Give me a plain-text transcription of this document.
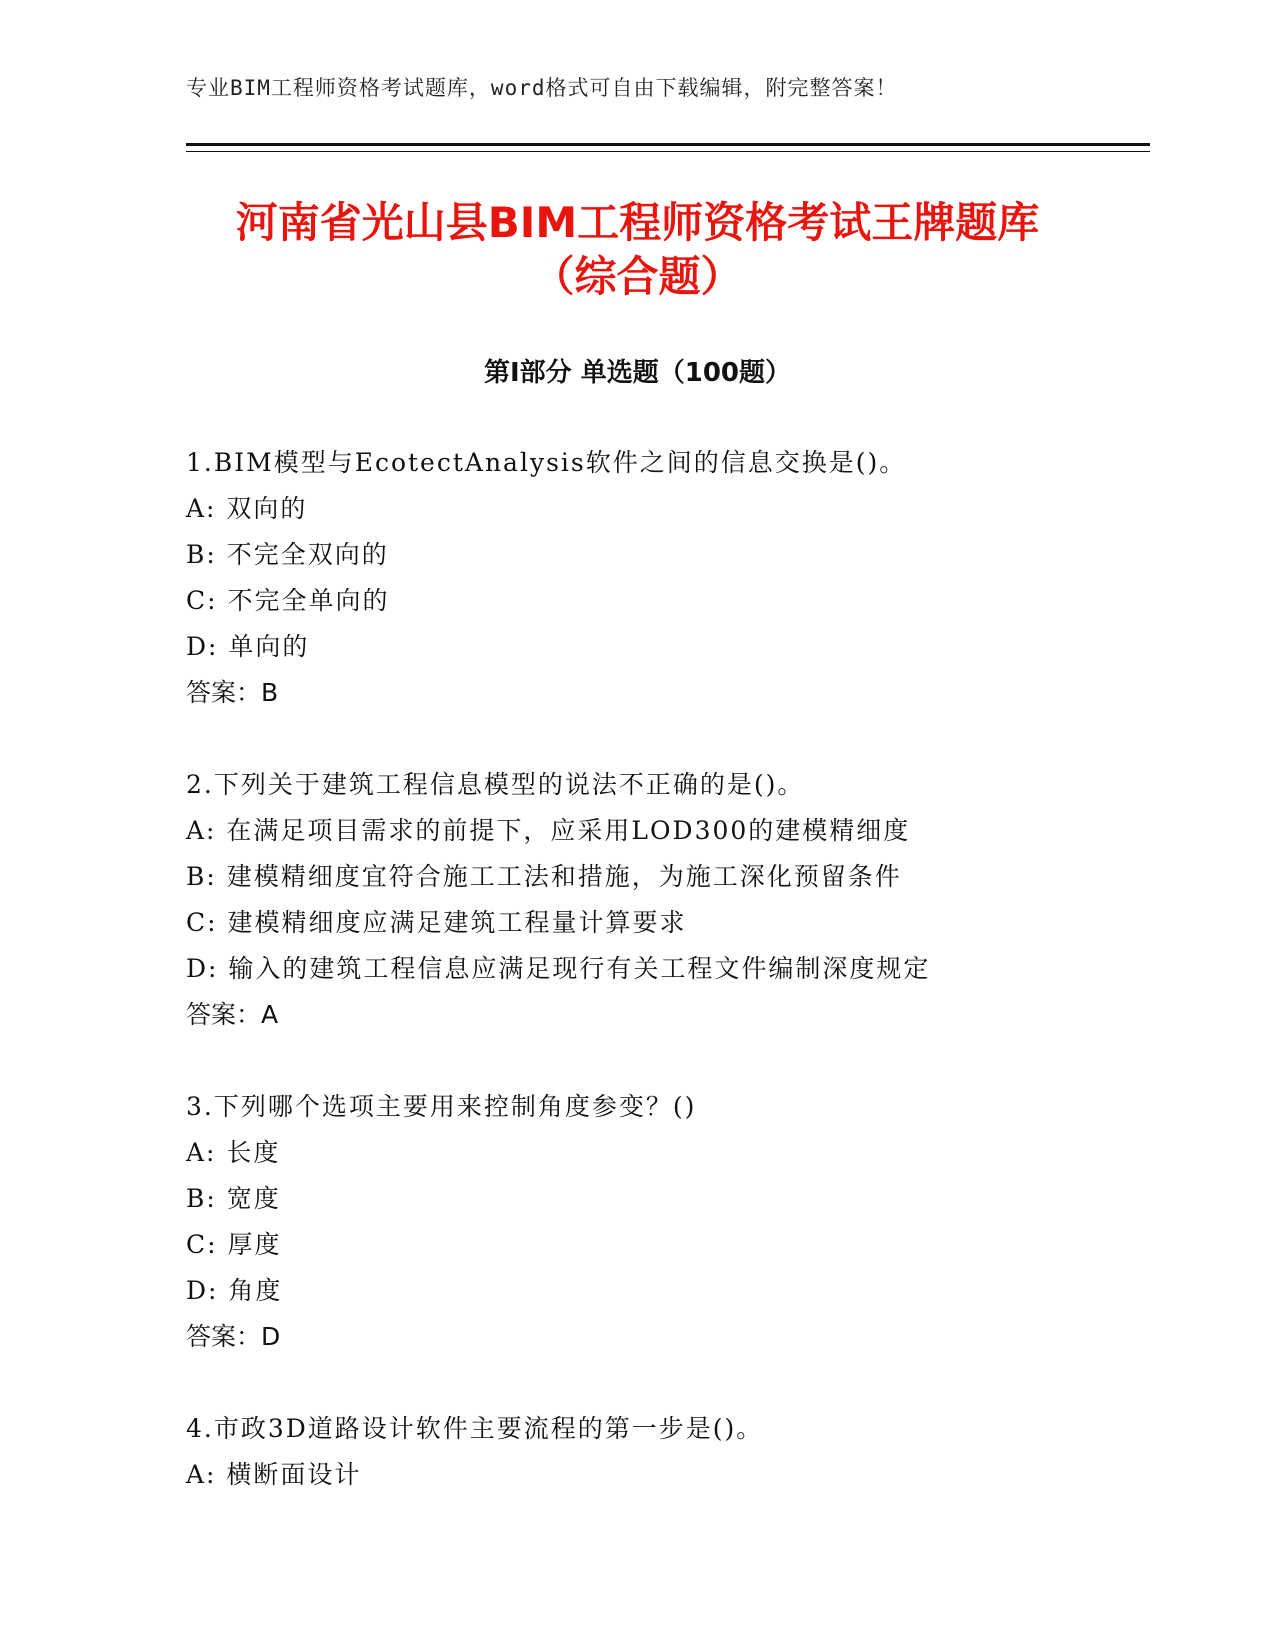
专业BIM工程师资格考试题库，word格式可自由下载编辑，附完整答案！
河南省光山县BIM工程师资格考试王牌题库
（综合题）
第I部分 单选题（100题）
1.BIM模型与EcotectAnalysis软件之间的信息交换是()。
A: 双向的
B: 不完全双向的
C: 不完全单向的
D: 单向的
答案：B
2.下列关于建筑工程信息模型的说法不正确的是()。
A: 在满足项目需求的前提下，应采用LOD300的建模精细度
B: 建模精细度宜符合施工工法和措施，为施工深化预留条件
C: 建模精细度应满足建筑工程量计算要求
D: 输入的建筑工程信息应满足现行有关工程文件编制深度规定
答案：A
3.下列哪个选项主要用来控制角度参变？()
A: 长度
B: 宽度
C: 厚度
D: 角度
答案：D
4.市政3D道路设计软件主要流程的第一步是()。
A: 横断面设计
